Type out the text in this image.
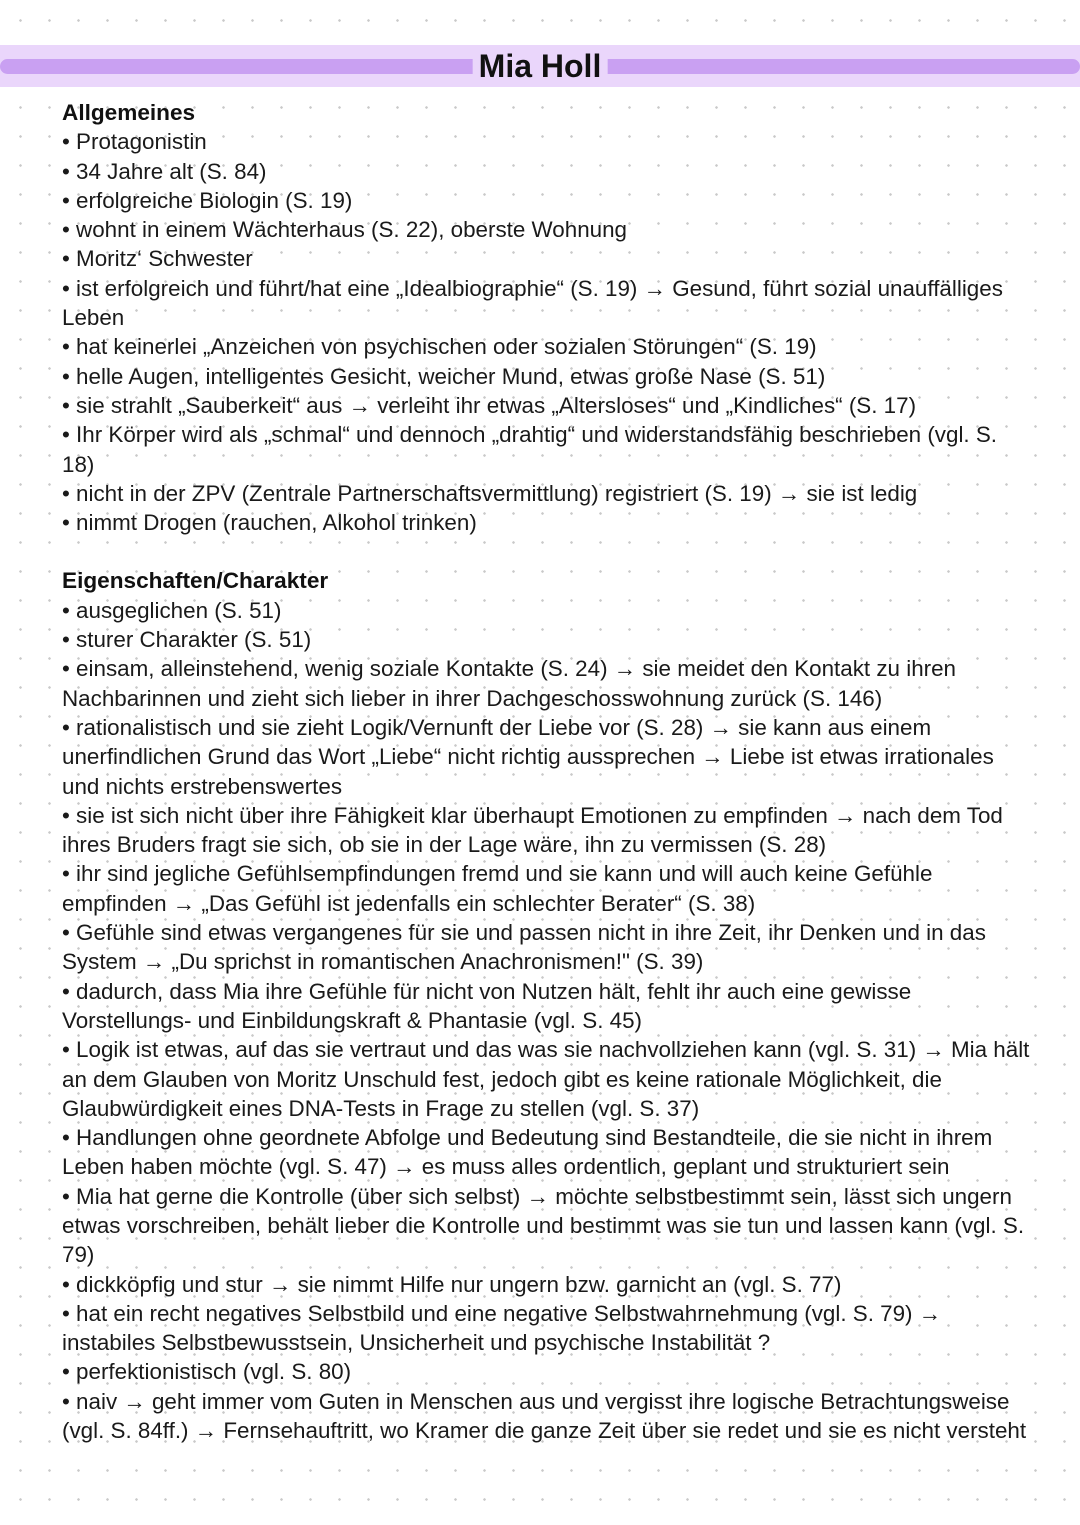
Mia Holl
Allgemeines
• Protagonistin
• 34 Jahre alt (S. 84)
• erfolgreiche Biologin (S. 19)
• wohnt in einem Wächterhaus (S. 22), oberste Wohnung
• Moritz‘ Schwester
• ist erfolgreich und führt/hat eine „Idealbiographie“ (S. 19) → Gesund, führt sozial unauffälliges Leben
• hat keinerlei „Anzeichen von psychischen oder sozialen Störungen“ (S. 19)
• helle Augen, intelligentes Gesicht, weicher Mund, etwas große Nase (S. 51)
• sie strahlt „Sauberkeit“ aus → verleiht ihr etwas „Altersloses“ und „Kindliches“ (S. 17)
• Ihr Körper wird als „schmal“ und dennoch „drahtig“ und widerstandsfähig beschrieben (vgl. S. 18)
• nicht in der ZPV (Zentrale Partnerschaftsvermittlung) registriert (S. 19) → sie ist ledig
• nimmt Drogen (rauchen, Alkohol trinken)
Eigenschaften/Charakter
• ausgeglichen (S. 51)
• sturer Charakter (S. 51)
• einsam, alleinstehend, wenig soziale Kontakte (S. 24) → sie meidet den Kontakt zu ihren Nachbarinnen und zieht sich lieber in ihrer Dachgeschosswohnung zurück (S. 146)
• rationalistisch und sie zieht Logik/Vernunft der Liebe vor (S. 28) → sie kann aus einem unerfindlichen Grund das Wort „Liebe“ nicht richtig aussprechen → Liebe ist etwas irrationales und nichts erstrebenswertes
• sie ist sich nicht über ihre Fähigkeit klar überhaupt Emotionen zu empfinden → nach dem Tod ihres Bruders fragt sie sich, ob sie in der Lage wäre, ihn zu vermissen (S. 28)
• ihr sind jegliche Gefühlsempfindungen fremd und sie kann und will auch keine Gefühle empfinden → „Das Gefühl ist jedenfalls ein schlechter Berater“ (S. 38)
• Gefühle sind etwas vergangenes für sie und passen nicht in ihre Zeit, ihr Denken und in das System → „Du sprichst in romantischen Anachronismen!" (S. 39)
• dadurch, dass Mia ihre Gefühle für nicht von Nutzen hält, fehlt ihr auch eine gewisse Vorstellungs- und Einbildungskraft & Phantasie (vgl. S. 45)
• Logik ist etwas, auf das sie vertraut und das was sie nachvollziehen kann (vgl. S. 31) → Mia hält an dem Glauben von Moritz Unschuld fest, jedoch gibt es keine rationale Möglichkeit, die Glaubwürdigkeit eines DNA-Tests in Frage zu stellen (vgl. S. 37)
• Handlungen ohne geordnete Abfolge und Bedeutung sind Bestandteile, die sie nicht in ihrem Leben haben möchte (vgl. S. 47) → es muss alles ordentlich, geplant und strukturiert sein
• Mia hat gerne die Kontrolle (über sich selbst) → möchte selbstbestimmt sein, lässt sich ungern etwas vorschreiben, behält lieber die Kontrolle und bestimmt was sie tun und lassen kann (vgl. S. 79)
• dickköpfig und stur → sie nimmt Hilfe nur ungern bzw. garnicht an (vgl. S. 77)
• hat ein recht negatives Selbstbild und eine negative Selbstwahrnehmung (vgl. S. 79) → instabiles Selbstbewusstsein, Unsicherheit und psychische Instabilität ?
• perfektionistisch (vgl. S. 80)
• naiv → geht immer vom Guten in Menschen aus und vergisst ihre logische Betrachtungsweise (vgl. S. 84ff.) → Fernsehauftritt, wo Kramer die ganze Zeit über sie redet und sie es nicht versteht
